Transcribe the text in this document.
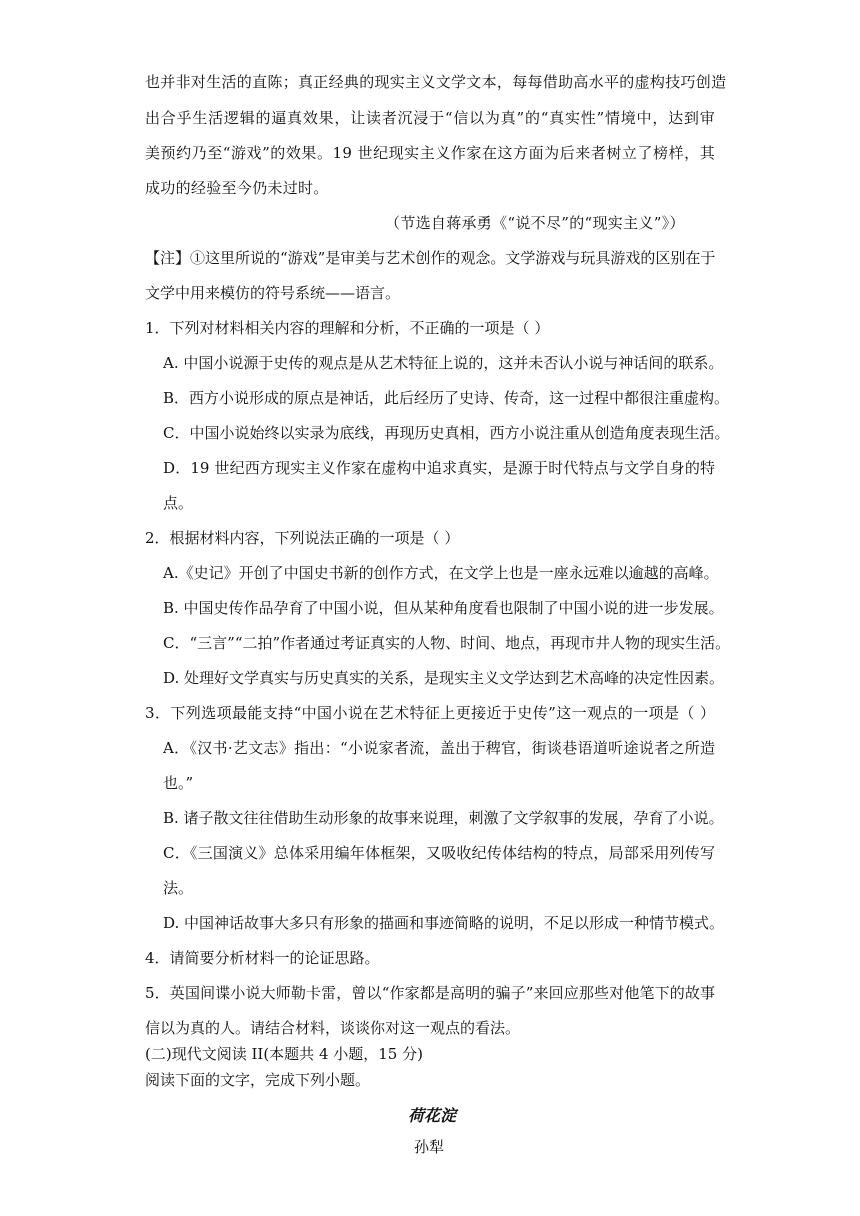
也并非对生活的直陈；真正经典的现实主义文学文本，每每借助高水平的虚构技巧创造
出合乎生活逻辑的逼真效果，让读者沉浸于“信以为真”的“真实性”情境中，达到审
美预约乃至“游戏”的效果。19 世纪现实主义作家在这方面为后来者树立了榜样，其
成功的经验至今仍未过时。
（节选自蒋承勇《“说不尽”的“现实主义”》）
【注】①这里所说的“游戏”是审美与艺术创作的观念。文学游戏与玩具游戏的区别在于
文学中用来模仿的符号系统——语言。
1．下列对材料相关内容的理解和分析，不正确的一项是（ ）
A. 中国小说源于史传的观点是从艺术特征上说的，这并未否认小说与神话间的联系。
B．西方小说形成的原点是神话，此后经历了史诗、传奇，这一过程中都很注重虚构。
C．中国小说始终以实录为底线，再现历史真相，西方小说注重从创造角度表现生活。
D．19 世纪西方现实主义作家在虚构中追求真实，是源于时代特点与文学自身的特
点。
2．根据材料内容，下列说法正确的一项是（ ）
A.《史记》开创了中国史书新的创作方式，在文学上也是一座永远难以逾越的高峰。
B. 中国史传作品孕育了中国小说，但从某种角度看也限制了中国小说的进一步发展。
C．“三言”“二拍”作者通过考证真实的人物、时间、地点，再现市井人物的现实生活。
D. 处理好文学真实与历史真实的关系，是现实主义文学达到艺术高峰的决定性因素。
3．下列选项最能支持“中国小说在艺术特征上更接近于史传”这一观点的一项是（ ）
A．《汉书·艺文志》指出：“小说家者流，盖出于稗官，街谈巷语道听途说者之所造
也。”
B. 诸子散文往往借助生动形象的故事来说理，刺激了文学叙事的发展，孕育了小说。
C．《三国演义》总体采用编年体框架，又吸收纪传体结构的特点，局部采用列传写
法。
D. 中国神话故事大多只有形象的描画和事迹简略的说明，不足以形成一种情节模式。
4．请简要分析材料一的论证思路。
5．英国间谍小说大师勒卡雷，曾以“作家都是高明的骗子”来回应那些对他笔下的故事
信以为真的人。请结合材料，谈谈你对这一观点的看法。
(二)现代文阅读 II(本题共 4 小题，15 分)
阅读下面的文字，完成下列小题。
荷花淀
孙犁
